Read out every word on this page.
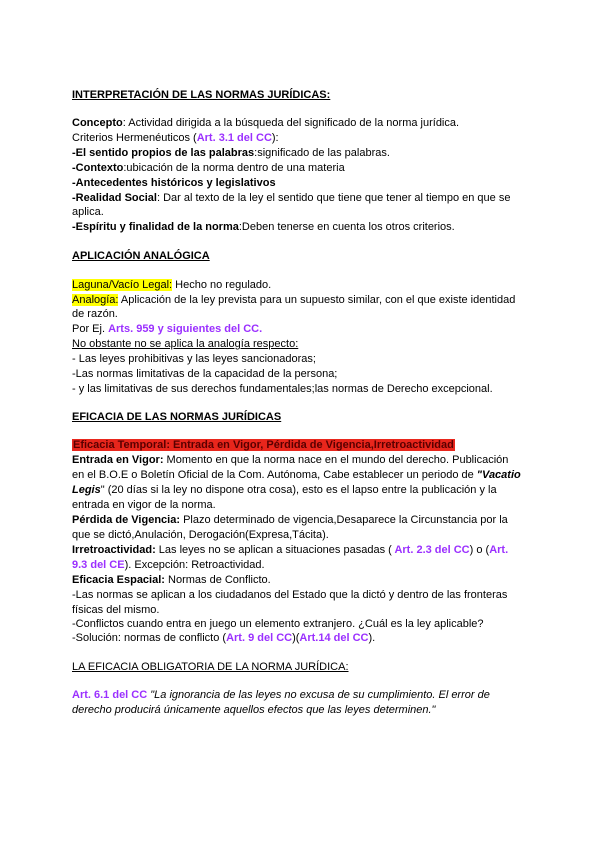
INTERPRETACIÓN DE LAS NORMAS JURÍDICAS:
Concepto: Actividad dirigida a la búsqueda del significado de la norma jurídica.
Criterios Hermenéuticos (Art. 3.1 del CC):
-El sentido propios de las palabras:significado de las palabras.
-Contexto:ubicación de la norma dentro de una materia
-Antecedentes históricos y legislativos
-Realidad Social: Dar al texto de la ley el sentido que tiene que tener al tiempo en que se
aplica.
-Espíritu y finalidad de la norma:Deben tenerse en cuenta los otros criterios.
APLICACIÓN ANALÓGICA
Laguna/Vacío Legal: Hecho no regulado.
Analogía: Aplicación de la ley prevista para un supuesto similar, con el que existe identidad
de razón.
Por Ej. Arts. 959 y siguientes del CC.
No obstante no se aplica la analogía respecto:
- Las leyes prohibitivas y las leyes sancionadoras;
-Las normas limitativas de la capacidad de la persona;
- y las limitativas de sus derechos fundamentales;las normas de Derecho excepcional.
EFICACIA DE LAS NORMAS JURÍDICAS
Eficacia Temporal: Entrada en Vigor, Pérdida de Vigencia,Irretroactividad
Entrada en Vigor: Momento en que la norma nace en el mundo del derecho. Publicación
en el B.O.E o Boletín Oficial de la Com. Autónoma, Cabe establecer un periodo de "Vacatio
Legis" (20 días si la ley no dispone otra cosa), esto es el lapso entre la publicación y la
entrada en vigor de la norma.
Pérdida de Vigencia: Plazo determinado de vigencia,Desaparece la Circunstancia por la
que se dictó,Anulación, Derogación(Expresa,Tácita).
Irretroactividad: Las leyes no se aplican a situaciones pasadas ( Art. 2.3 del CC) o (Art.
9.3 del CE). Excepción: Retroactividad.
Eficacia Espacial: Normas de Conflicto.
-Las normas se aplican a los ciudadanos del Estado que la dictó y dentro de las fronteras
físicas del mismo.
-Conflictos cuando entra en juego un elemento extranjero. ¿Cuál es la ley aplicable?
-Solución: normas de conflicto (Art. 9 del CC)(Art.14 del CC).
LA EFICACIA OBLIGATORIA DE LA NORMA JURÍDICA:
Art. 6.1 del CC "La ignorancia de las leyes no excusa de su cumplimiento. El error de
derecho producirá únicamente aquellos efectos que las leyes determinen."
